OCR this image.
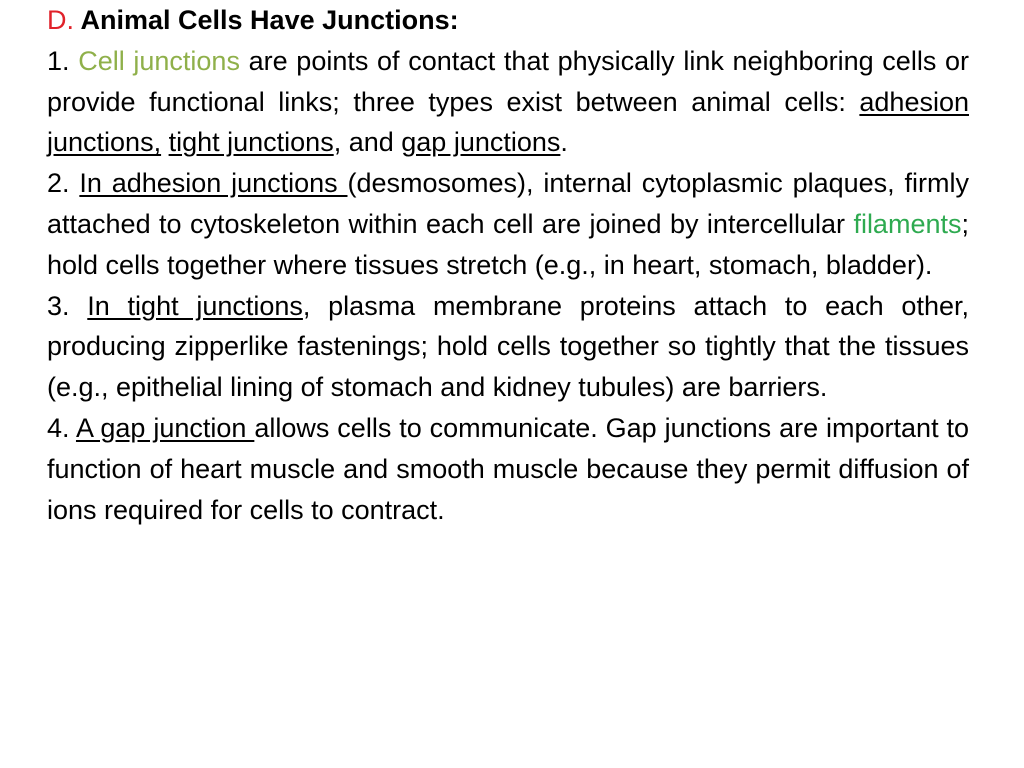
D. Animal Cells Have Junctions:

1. Cell junctions are points of contact that physically link neighboring cells or provide functional links; three types exist between animal cells: adhesion junctions, tight junctions, and gap junctions.

2. In adhesion junctions (desmosomes), internal cytoplasmic plaques, firmly attached to cytoskeleton within each cell are joined by intercellular filaments; hold cells together where tissues stretch (e.g., in heart, stomach, bladder).

3. In tight junctions, plasma membrane proteins attach to each other, producing zipperlike fastenings; hold cells together so tightly that the tissues (e.g., epithelial lining of stomach and kidney tubules) are barriers.

4. A gap junction allows cells to communicate. Gap junctions are important to function of heart muscle and smooth muscle because they permit diffusion of ions required for cells to contract.
